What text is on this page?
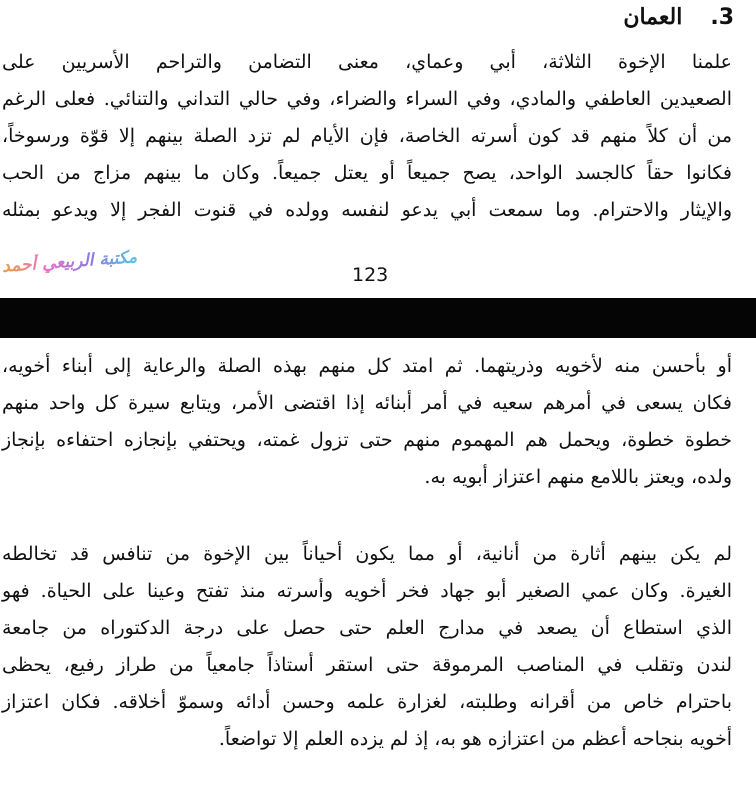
3.
العمان
علمنا الإخوة الثلاثة، أبي وعماي، معنى التضامن والتراحم الأسريين على
الصعيدين العاطفي والمادي، وفي السراء والضراء، وفي حالي التداني والتنائي. فعلى الرغم
من أن كلاً منهم قد كون أسرته الخاصة، فإن الأيام لم تزد الصلة بينهم إلا قوّة ورسوخاً،
فكانوا حقاً كالجسد الواحد، يصح جميعاً أو يعتل جميعاً. وكان ما بينهم مزاج من الحب
والإيثار والاحترام. وما سمعت أبي يدعو لنفسه وولده في قنوت الفجر إلا ويدعو بمثله
مكتبة الربيعي أحمد	123
أو بأحسن منه لأخويه وذريتهما. ثم امتد كل منهم بهذه الصلة والرعاية إلى أبناء أخويه،
فكان يسعى في أمرهم سعيه في أمر أبنائه إذا اقتضى الأمر، ويتابع سيرة كل واحد منهم
خطوة خطوة، ويحمل هم المهموم منهم حتى تزول غمته، ويحتفي بإنجازه احتفاءه بإنجاز
ولده، ويعتز باللامع منهم اعتزاز أبويه به.
لم يكن بينهم أثارة من أنانية، أو مما يكون أحياناً بين الإخوة من تنافس قد تخالطه
الغيرة. وكان عمي الصغير أبو جهاد فخر أخويه وأسرته منذ تفتح وعينا على الحياة. فهو
الذي استطاع أن يصعد في مدارج العلم حتى حصل على درجة الدكتوراه من جامعة
لندن وتقلب في المناصب المرموقة حتى استقر أستاذاً جامعياً من طراز رفيع، يحظى
باحترام خاص من أقرانه وطلبته، لغزارة علمه وحسن أدائه وسموّ أخلاقه. فكان اعتزاز
أخويه بنجاحه أعظم من اعتزازه هو به، إذ لم يزده العلم إلا تواضعاً.
